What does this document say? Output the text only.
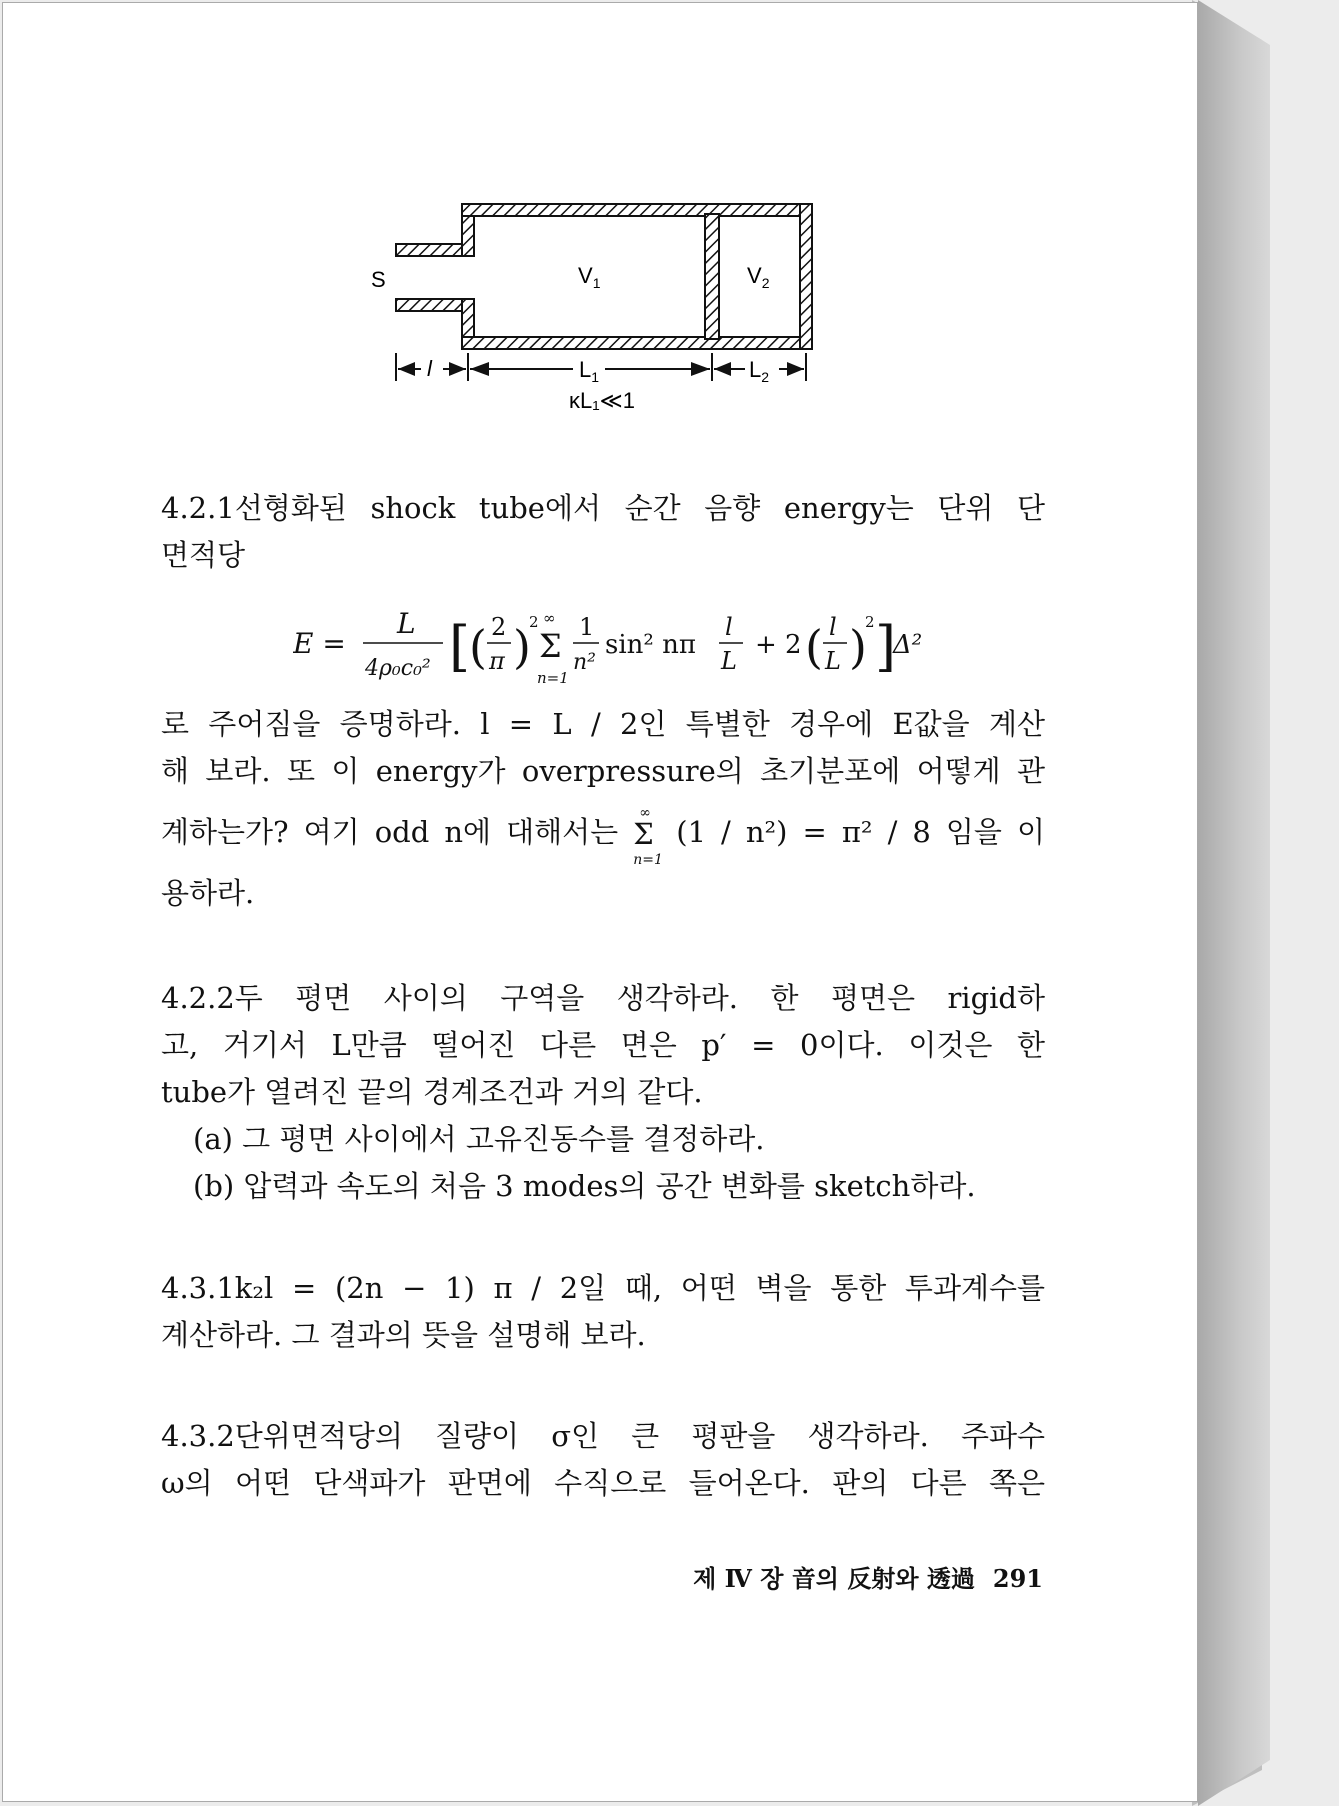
S	$V_1$	$V_2$
l	$L_1$	$L_2$
κL₁≪1
4.2.1선형화된 shock tube에서 순간 음향 energy는 단위 단
면적당
E =
L
4ρ₀c₀² [
( 2
π )
2
Σ
∞
n=1
1
n²
sin² nπ
l
L
+ 2 ( l
L )
2 ]
Δ²
로 주어짐을 증명하라. l = L / 2인 특별한 경우에 E값을 계산
해 보라. 또 이 energy가 overpressure의 초기분포에 어떻게 관
계하는가? 여기 odd n에 대해서는 Σ
∞
n=1
(1 / n²) = π² / 8 임을 이
용하라.
4.2.2두 평면 사이의 구역을 생각하라. 한 평면은 rigid하
고, 거기서 L만큼 떨어진 다른 면은 p′ = 0이다. 이것은 한
tube가 열려진 끝의 경계조건과 거의 같다.
(a) 그 평면 사이에서 고유진동수를 결정하라.
(b) 압력과 속도의 처음 3 modes의 공간 변화를 sketch하라.
4.3.1k₂l = (2n − 1) π / 2일 때, 어떤 벽을 통한 투과계수를
계산하라. 그 결과의 뜻을 설명해 보라.
4.3.2단위면적당의 질량이 σ인 큰 평판을 생각하라. 주파수
ω의 어떤 단색파가 판면에 수직으로 들어온다. 판의 다른 쪽은
제 Ⅳ 장 音의 反射와 透過 291
